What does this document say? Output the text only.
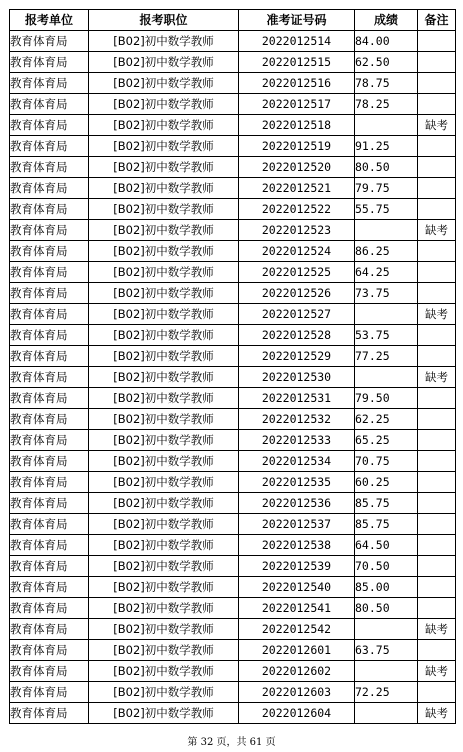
报考单位	报考职位	准考证号码	成绩	备注
教育体育局	[B02]初中数学教师	2022012514	84.00	
教育体育局	[B02]初中数学教师	2022012515	62.50	
教育体育局	[B02]初中数学教师	2022012516	78.75	
教育体育局	[B02]初中数学教师	2022012517	78.25	
教育体育局	[B02]初中数学教师	2022012518		缺考
教育体育局	[B02]初中数学教师	2022012519	91.25	
教育体育局	[B02]初中数学教师	2022012520	80.50	
教育体育局	[B02]初中数学教师	2022012521	79.75	
教育体育局	[B02]初中数学教师	2022012522	55.75	
教育体育局	[B02]初中数学教师	2022012523		缺考
教育体育局	[B02]初中数学教师	2022012524	86.25	
教育体育局	[B02]初中数学教师	2022012525	64.25	
教育体育局	[B02]初中数学教师	2022012526	73.75	
教育体育局	[B02]初中数学教师	2022012527		缺考
教育体育局	[B02]初中数学教师	2022012528	53.75	
教育体育局	[B02]初中数学教师	2022012529	77.25	
教育体育局	[B02]初中数学教师	2022012530		缺考
教育体育局	[B02]初中数学教师	2022012531	79.50	
教育体育局	[B02]初中数学教师	2022012532	62.25	
教育体育局	[B02]初中数学教师	2022012533	65.25	
教育体育局	[B02]初中数学教师	2022012534	70.75	
教育体育局	[B02]初中数学教师	2022012535	60.25	
教育体育局	[B02]初中数学教师	2022012536	85.75	
教育体育局	[B02]初中数学教师	2022012537	85.75	
教育体育局	[B02]初中数学教师	2022012538	64.50	
教育体育局	[B02]初中数学教师	2022012539	70.50	
教育体育局	[B02]初中数学教师	2022012540	85.00	
教育体育局	[B02]初中数学教师	2022012541	80.50	
教育体育局	[B02]初中数学教师	2022012542		缺考
教育体育局	[B02]初中数学教师	2022012601	63.75	
教育体育局	[B02]初中数学教师	2022012602		缺考
教育体育局	[B02]初中数学教师	2022012603	72.25	
教育体育局	[B02]初中数学教师	2022012604		缺考
第 32 页，共 61 页
